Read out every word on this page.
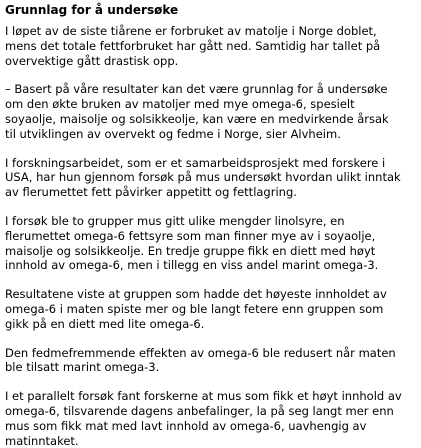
Grunnlag for å undersøke

I løpet av de siste tiårene er forbruket av matolje i Norge doblet,
mens det totale fettforbruket har gått ned. Samtidig har tallet på
overvektige gått drastisk opp.

– Basert på våre resultater kan det være grunnlag for å undersøke
om den økte bruken av matoljer med mye omega-6, spesielt
soyaolje, maisolje og solsikkeolje, kan være en medvirkende årsak
til utviklingen av overvekt og fedme i Norge, sier Alvheim.

I forskningsarbeidet, som er et samarbeidsprosjekt med forskere i
USA, har hun gjennom forsøk på mus undersøkt hvordan ulikt inntak
av flerumettet fett påvirker appetitt og fettlagring.

I forsøk ble to grupper mus gitt ulike mengder linolsyre, en
flerumettet omega-6 fettsyre som man finner mye av i soyaolje,
maisolje og solsikkeolje. En tredje gruppe fikk en diett med høyt
innhold av omega-6, men i tillegg en viss andel marint omega-3.

Resultatene viste at gruppen som hadde det høyeste innholdet av
omega-6 i maten spiste mer og ble langt fetere enn gruppen som
gikk på en diett med lite omega-6.

Den fedmefremmende effekten av omega-6 ble redusert når maten
ble tilsatt marint omega-3.

I et parallelt forsøk fant forskerne at mus som fikk et høyt innhold av
omega-6, tilsvarende dagens anbefalinger, la på seg langt mer enn
mus som fikk mat med lavt innhold av omega-6, uavhengig av
matinntaket.
